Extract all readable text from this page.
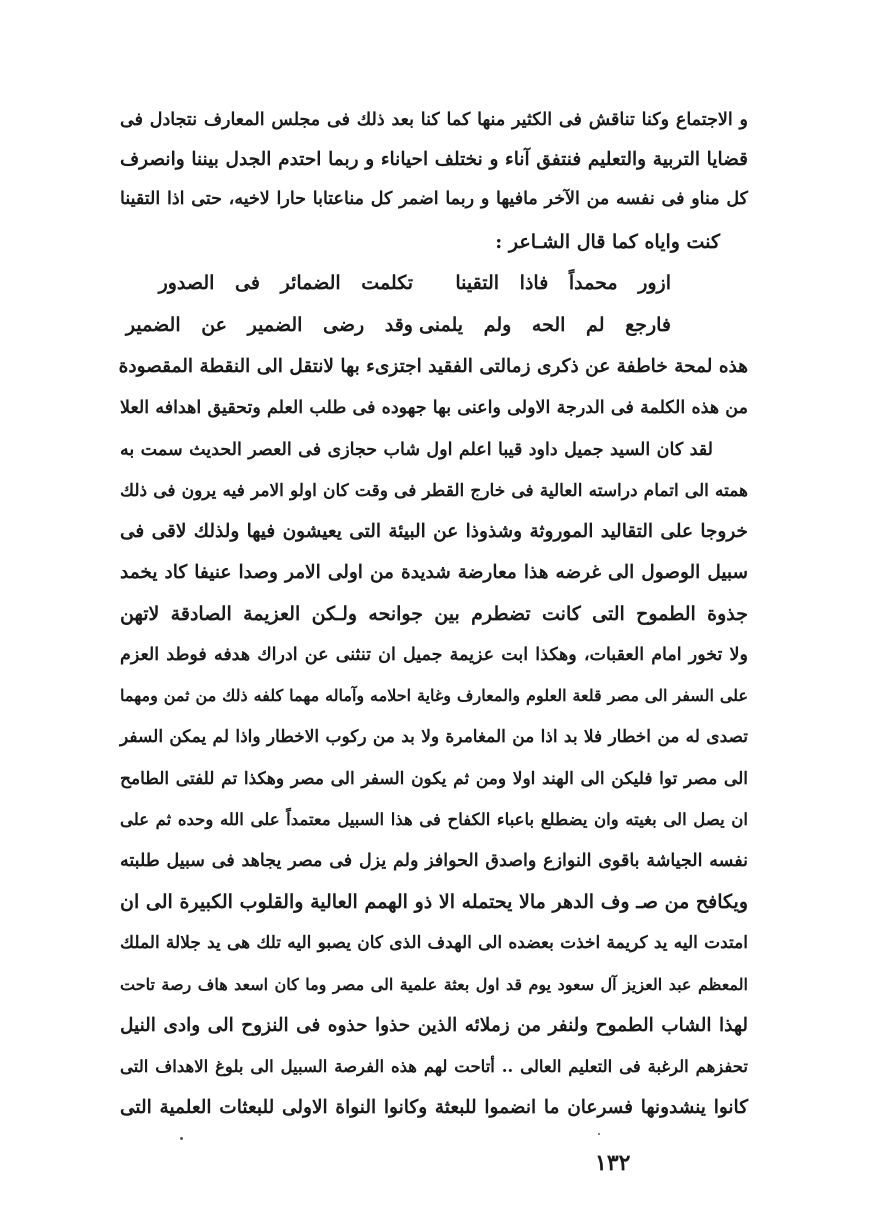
و الاجتماع وكنا تناقش فى الكثير منها كما كنا بعد ذلك فى مجلس المعارف نتجادل فى
قضايا التربية والتعليم فنتفق آناء و نختلف احياناء و ربما احتدم الجدل بيننا وانصرف
كل مناو فى نفسه من الآخر مافيها و ربما اضمر كل مناعتابا حارا لاخيه، حتى اذا التقينا
كنت واياه كما قال الشـاعر :
ازور محمداً فاذا التقينا
تكلمت الضمائر فى الصدور
فارجع لم الحه ولم يلمنى
وقد رضى الضمير عن الضمير
هذه لمحة خاطفة عن ذكرى زمالتى الفقيد اجتزىء بها لانتقل الى النقطة المقصودة
من هذه الكلمة فى الدرجة الاولى واعنى بها جهوده فى طلب العلم وتحقيق اهدافه العلا
لقد كان السيد جميل داود قيبا اعلم اول شاب حجازى فى العصر الحديث سمت به
همته الى اتمام دراسته العالية فى خارج القطر فى وقت كان اولو الامر فيه يرون فى ذلك
خروجا على التقاليد الموروثة وشذوذا عن البيئة التى يعيشون فيها ولذلك لاقى فى
سبيل الوصول الى غرضه هذا معارضة شديدة من اولى الامر وصدا عنيفا كاد يخمد
جذوة الطموح التى كانت تضطرم بين جوانحه ولـكن العزيمة الصادقة لاتهن
ولا تخور امام العقبات، وهكذا ابت عزيمة جميل ان تنثنى عن ادراك هدفه فوطد العزم
على السفر الى مصر قلعة العلوم والمعارف وغاية احلامه وآماله مهما كلفه ذلك من ثمن ومهما
تصدى له من اخطار فلا بد اذا من المغامرة ولا بد من ركوب الاخطار واذا لم يمكن السفر
الى مصر توا فليكن الى الهند اولا ومن ثم يكون السفر الى مصر وهكذا تم للفتى الطامح
ان يصل الى بغيته وان يضطلع باعباء الكفاح فى هذا السبيل معتمداً على الله وحده ثم على
نفسه الجياشة باقوى النوازع واصدق الحوافز ولم يزل فى مصر يجاهد فى سبيل طلبته
ويكافح من صـ وف الدهر مالا يحتمله الا ذو الهمم العالية والقلوب الكبيرة الى ان
امتدت اليه يد كريمة اخذت بعضده الى الهدف الذى كان يصبو اليه تلك هى يد جلالة الملك
المعظم عبد العزيز آل سعود يوم قد اول بعثة علمية الى مصر وما كان اسعد هاف رصة تاحت
لهذا الشاب الطموح ولنفر من زملائه الذين حذوا حذوه فى النزوح الى وادى النيل
تحفزهم الرغبة فى التعليم العالى .. أتاحت لهم هذه الفرصة السبيل الى بلوغ الاهداف التى
كانوا ينشدونها فسرعان ما انضموا للبعثة وكانوا النواة الاولى للبعثات العلمية التى
١٣٢
